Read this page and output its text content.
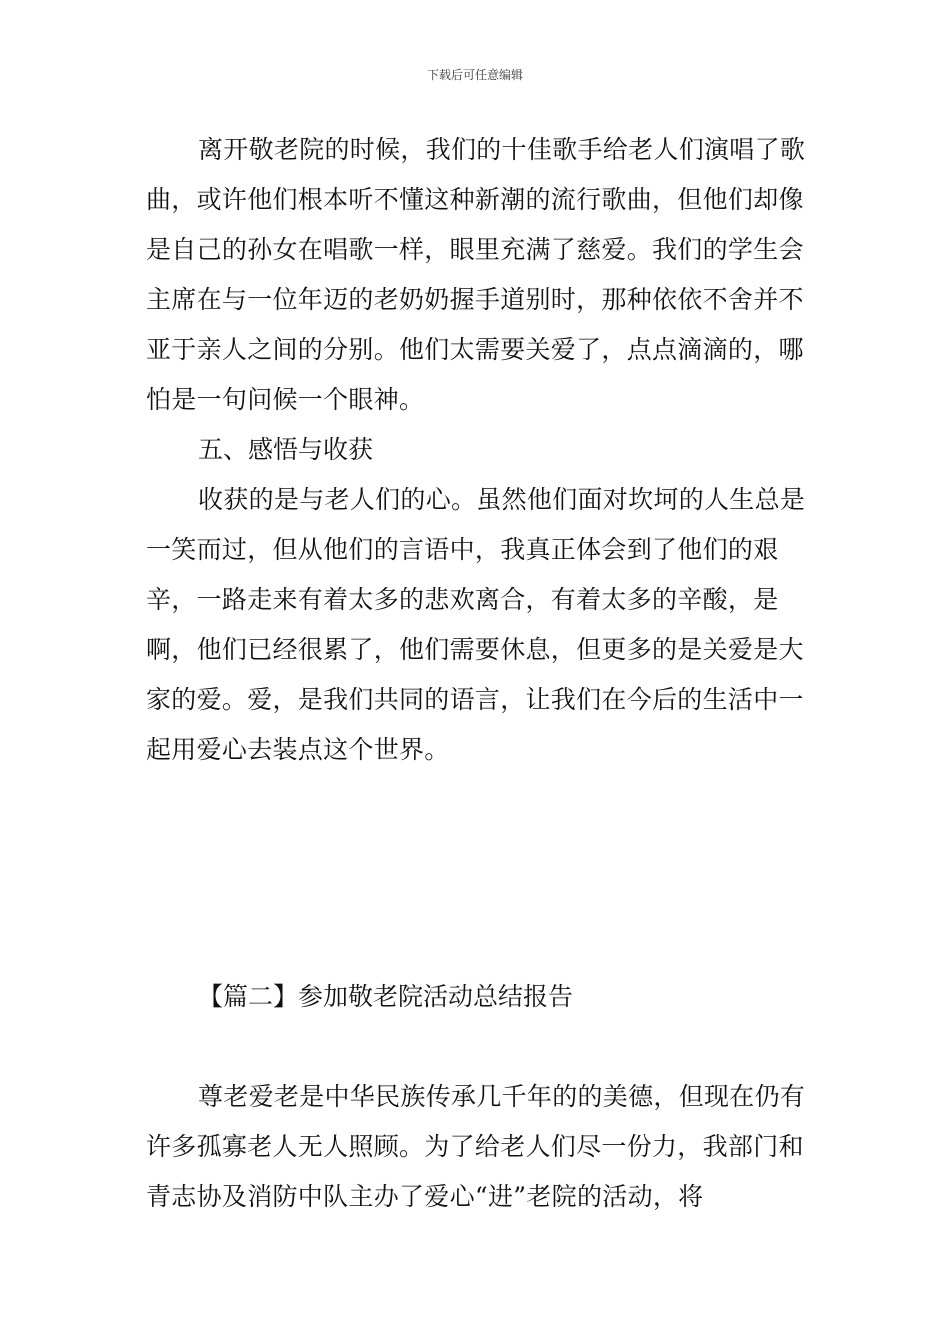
下载后可任意编辑

离开敬老院的时候，我们的十佳歌手给老人们演唱了歌曲，或许他们根本听不懂这种新潮的流行歌曲，但他们却像是自己的孙女在唱歌一样，眼里充满了慈爱。我们的学生会主席在与一位年迈的老奶奶握手道别时，那种依依不舍并不亚于亲人之间的分别。他们太需要关爱了，点点滴滴的，哪怕是一句问候一个眼神。

五、感悟与收获

收获的是与老人们的心。虽然他们面对坎坷的人生总是一笑而过，但从他们的言语中，我真正体会到了他们的艰辛，一路走来有着太多的悲欢离合，有着太多的辛酸，是啊，他们已经很累了，他们需要休息，但更多的是关爱是大家的爱。爱，是我们共同的语言，让我们在今后的生活中一起用爱心去装点这个世界。

【篇二】参加敬老院活动总结报告

尊老爱老是中华民族传承几千年的的美德，但现在仍有许多孤寡老人无人照顾。为了给老人们尽一份力，我部门和青志协及消防中队主办了爱心“进”老院的活动，将
